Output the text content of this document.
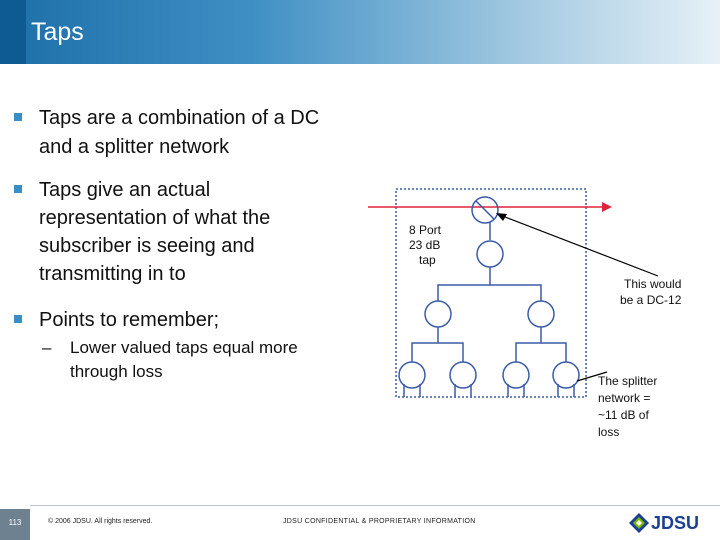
Taps
Taps are a combination of a DC
and a splitter network
Taps give an actual
representation of what the
subscriber is seeing and
transmitting in to
Points to remember;
– Lower valued taps equal more
through loss
8 Port
23 dB
tap
This would
be a DC-12
The splitter
network =
~11 dB of
loss
113	© 2006 JDSU. All rights reserved.	JDSU CONFIDENTIAL & PROPRIETARY INFORMATION	JDSU
